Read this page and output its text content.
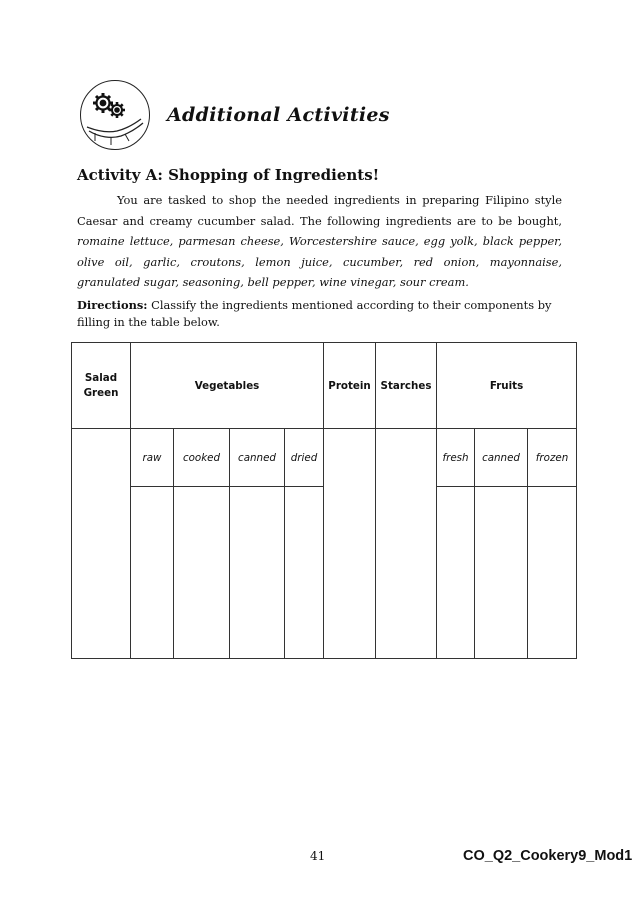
Additional Activities
Activity A: Shopping of Ingredients!
You are tasked to shop the needed ingredients in preparing Filipino style Caesar and creamy cucumber salad. The following ingredients are to be bought, romaine lettuce, parmesan cheese, Worcestershire sauce, egg yolk, black pepper, olive oil, garlic, croutons, lemon juice, cucumber, red onion, mayonnaise, granulated sugar, seasoning, bell pepper, wine vinegar, sour cream.
Directions: Classify the ingredients mentioned according to their components by filling in the table below.
Salad Green	Vegetables				Protein	Starches	Fruits		
	raw	cooked	canned	dried			fresh	canned	frozen

41	CO_Q2_Cookery9_Mod1
